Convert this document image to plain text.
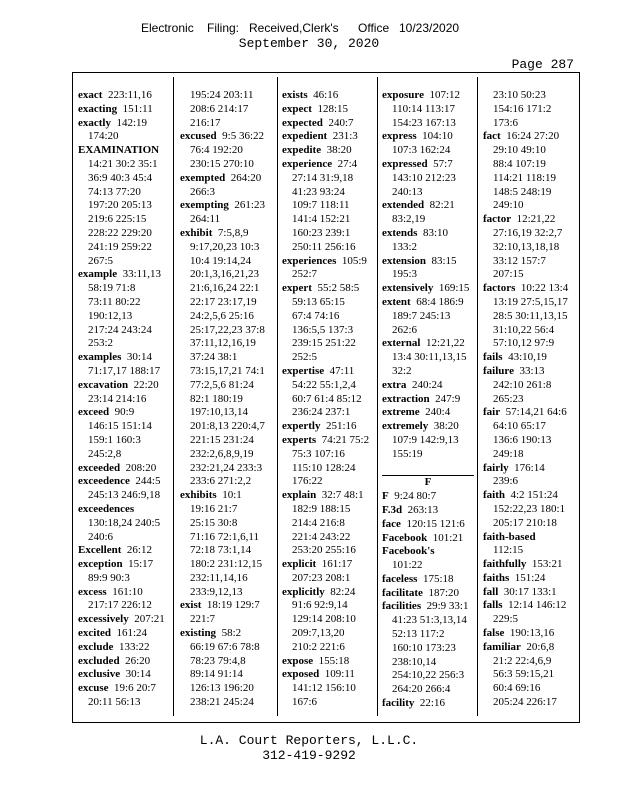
Electronic Filing: Received,Clerk's Office 10/23/2020
September 30, 2020
Page 287
exact  223:11,16
exacting  151:11
exactly  142:19
174:20
EXAMINATION
14:21 30:2 35:1
36:9 40:3 45:4
74:13 77:20
197:20 205:13
219:6 225:15
228:22 229:20
241:19 259:22
267:5
example  33:11,13
58:19 71:8
73:11 80:22
190:12,13
217:24 243:24
253:2
examples  30:14
71:17,17 188:17
excavation  22:20
23:14 214:16
exceed  90:9
146:15 151:14
159:1 160:3
245:2,8
exceeded  208:20
exceedence  244:5
245:13 246:9,18
exceedences
130:18,24 240:5
240:6
Excellent  26:12
exception  15:17
89:9 90:3
excess  161:10
217:17 226:12
excessively  207:21
excited  161:24
exclude  133:22
excluded  26:20
exclusive  30:14
excuse  19:6 20:7
20:11 56:13
195:24 203:11
208:6 214:17
216:17
excused  9:5 36:22
76:4 192:20
230:15 270:10
exempted  264:20
266:3
exempting  261:23
264:11
exhibit  7:5,8,9
9:17,20,23 10:3
10:4 19:14,24
20:1,3,16,21,23
21:6,16,24 22:1
22:17 23:17,19
24:2,5,6 25:16
25:17,22,23 37:8
37:11,12,16,19
37:24 38:1
73:15,17,21 74:1
77:2,5,6 81:24
82:1 180:19
197:10,13,14
201:8,13 220:4,7
221:15 231:24
232:2,6,8,9,19
232:21,24 233:3
233:6 271:2,2
exhibits  10:1
19:16 21:7
25:15 30:8
71:16 72:1,6,11
72:18 73:1,14
180:2 231:12,15
232:11,14,16
233:9,12,13
exist  18:19 129:7
221:7
existing  58:2
66:19 67:6 78:8
78:23 79:4,8
89:14 91:14
126:13 196:20
238:21 245:24
exists  46:16
expect  128:15
expected  240:7
expedient  231:3
expedite  38:20
experience  27:4
27:14 31:9,18
41:23 93:24
109:7 118:11
141:4 152:21
160:23 239:1
250:11 256:16
experiences  105:9
252:7
expert  55:2 58:5
59:13 65:15
67:4 74:16
136:5,5 137:3
239:15 251:22
252:5
expertise  47:11
54:22 55:1,2,4
60:7 61:4 85:12
236:24 237:1
expertly  251:16
experts  74:21 75:2
75:3 107:16
115:10 128:24
176:22
explain  32:7 48:1
182:9 188:15
214:4 216:8
221:4 243:22
253:20 255:16
explicit  161:17
207:23 208:1
explicitly  82:24
91:6 92:9,14
129:14 208:10
209:7,13,20
210:2 221:6
expose  155:18
exposed  109:11
141:12 156:10
167:6
exposure  107:12
110:14 113:17
154:23 167:13
express  104:10
107:3 162:24
expressed  57:7
143:10 212:23
240:13
extended  82:21
83:2,19
extends  83:10
133:2
extension  83:15
195:3
extensively  169:15
extent  68:4 186:9
189:7 245:13
262:6
external  12:21,22
13:4 30:11,13,15
32:2
extra  240:24
extraction  247:9
extreme  240:4
extremely  38:20
107:9 142:9,13
155:19
F
F  9:24 80:7
F.3d  263:13
face  120:15 121:6
Facebook  101:21
Facebook's
101:22
faceless  175:18
facilitate  187:20
facilities  29:9 33:1
41:23 51:3,13,14
52:13 117:2
160:10 173:23
238:10,14
254:10,22 256:3
264:20 266:4
facility  22:16
23:10 50:23
154:16 171:2
173:6
fact  16:24 27:20
29:10 49:10
88:4 107:19
114:21 118:19
148:5 248:19
249:10
factor  12:21,22
27:16,19 32:2,7
32:10,13,18,18
33:12 157:7
207:15
factors  10:22 13:4
13:19 27:5,15,17
28:5 30:11,13,15
31:10,22 56:4
57:10,12 97:9
fails  43:10,19
failure  33:13
242:10 261:8
265:23
fair  57:14,21 64:6
64:10 65:17
136:6 190:13
249:18
fairly  176:14
239:6
faith  4:2 151:24
152:22,23 180:1
205:17 210:18
faith-based
112:15
faithfully  153:21
faiths  151:24
fall  30:17 133:1
falls  12:14 146:12
229:5
false  190:13,16
familiar  20:6,8
21:2 22:4,6,9
56:3 59:15,21
60:4 69:16
205:24 226:17
L.A. Court Reporters, L.L.C.
312-419-9292
